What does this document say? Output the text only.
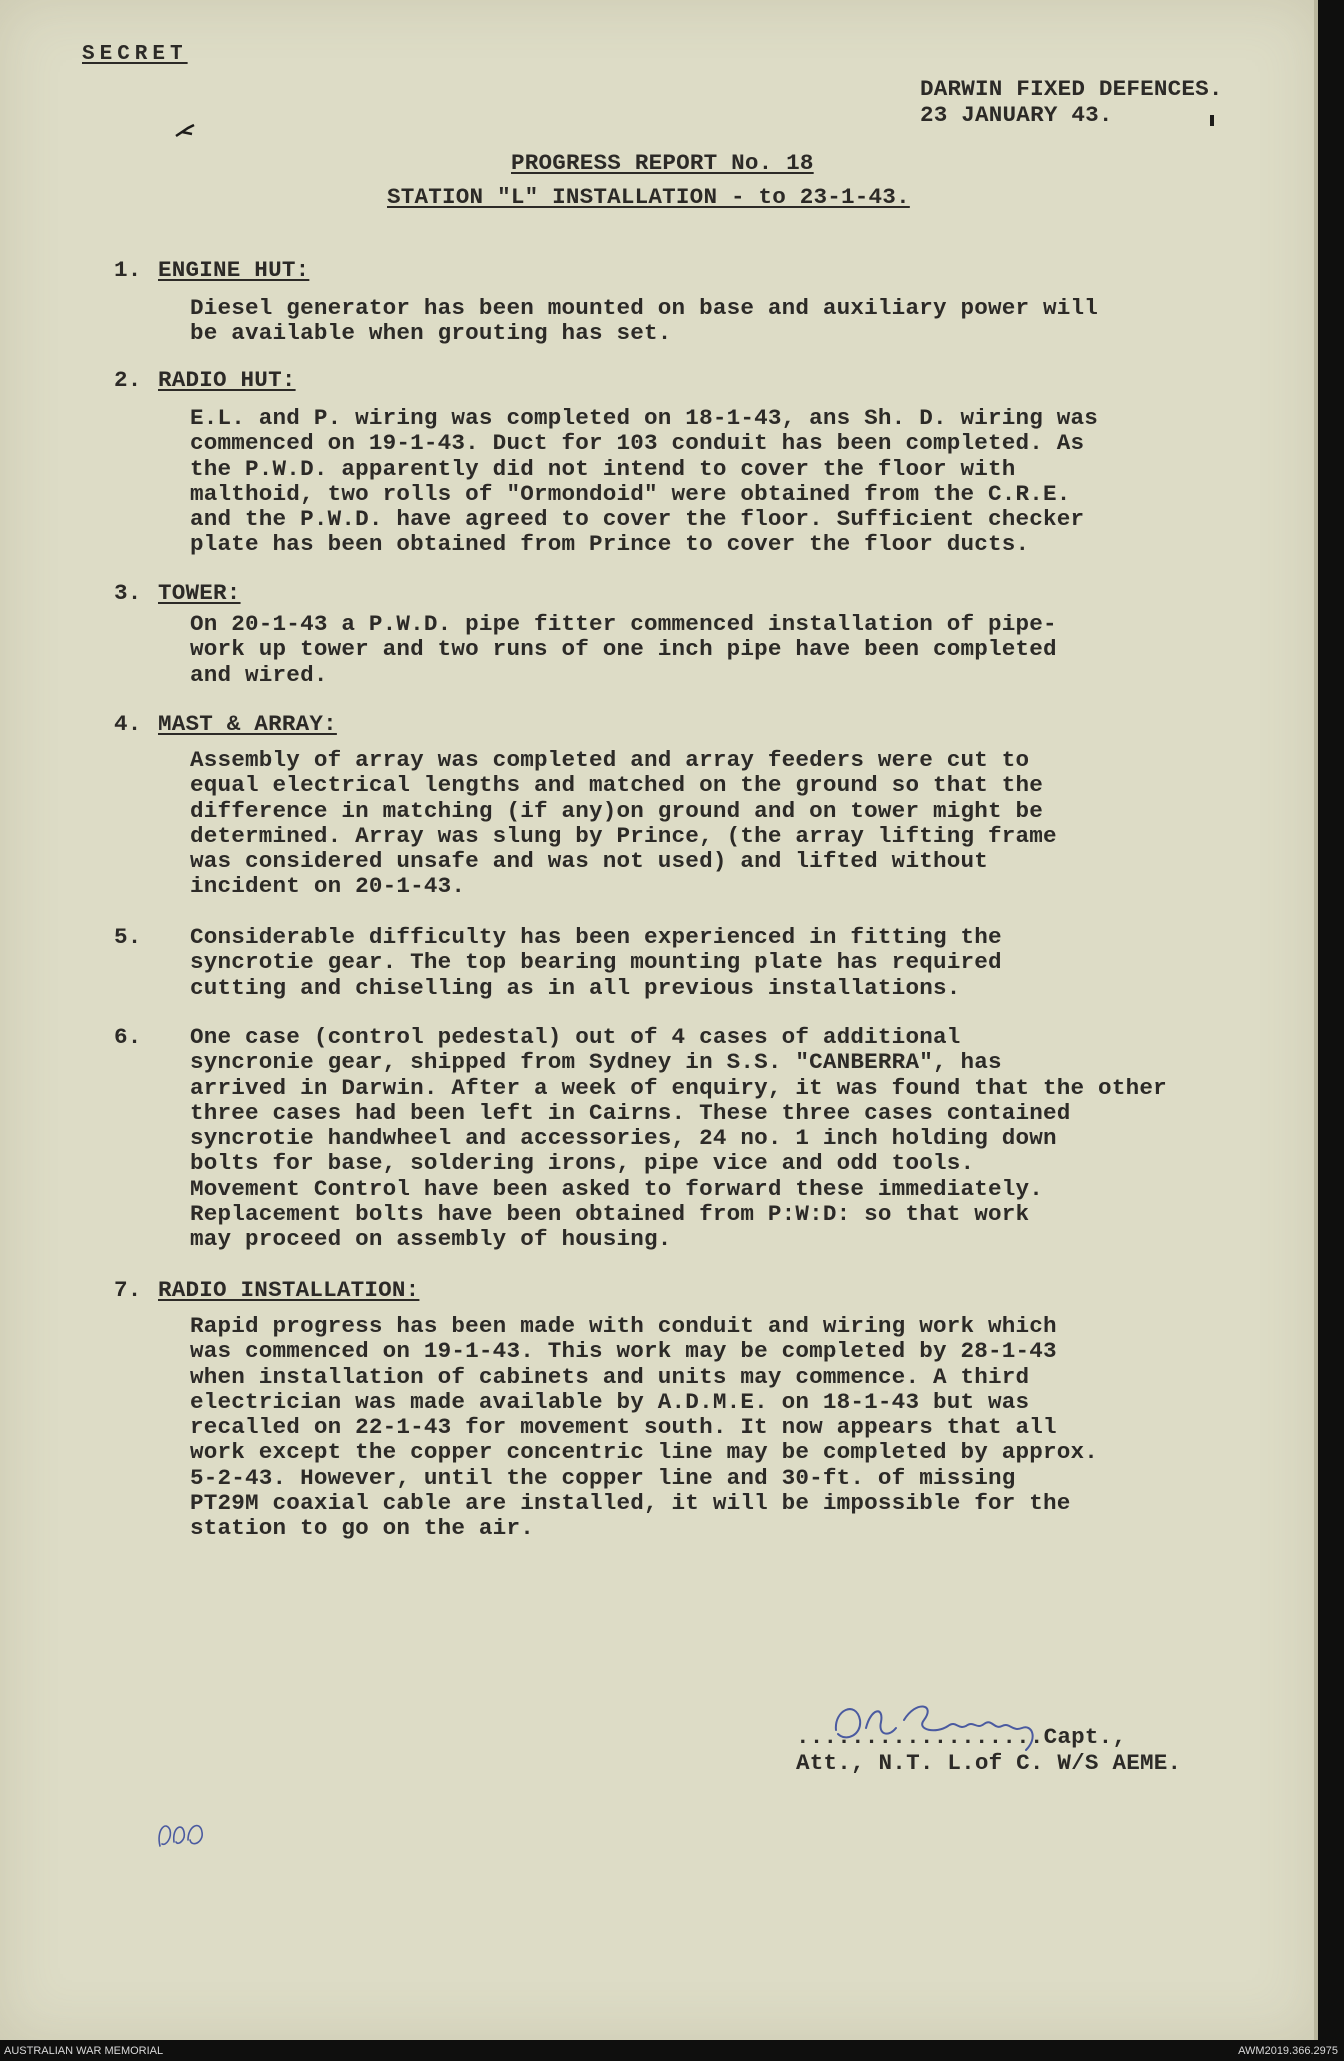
SECRET
DARWIN FIXED DEFENCES.
23 JANUARY 43.
PROGRESS REPORT No. 18
STATION "L" INSTALLATION - to 23-1-43.
1. ENGINE HUT:
Diesel generator has been mounted on base and auxiliary power will
be available when grouting has set.
2. RADIO HUT:
E.L. and P. wiring was completed on 18-1-43, ans Sh. D. wiring was
commenced on 19-1-43. Duct for 103 conduit has been completed. As
the P.W.D. apparently did not intend to cover the floor with
malthoid, two rolls of "Ormondoid" were obtained from the C.R.E.
and the P.W.D. have agreed to cover the floor. Sufficient checker
plate has been obtained from Prince to cover the floor ducts.
3. TOWER:
On 20-1-43 a P.W.D. pipe fitter commenced installation of pipe-
work up tower and two runs of one inch pipe have been completed
and wired.
4. MAST & ARRAY:
Assembly of array was completed and array feeders were cut to
equal electrical lengths and matched on the ground so that the
difference in matching (if any)on ground and on tower might be
determined. Array was slung by Prince, (the array lifting frame
was considered unsafe and was not used) and lifted without
incident on 20-1-43.
5. Considerable difficulty has been experienced in fitting the
syncrotie gear. The top bearing mounting plate has required
cutting and chiselling as in all previous installations.
6. One case (control pedestal) out of 4 cases of additional
syncronie gear, shipped from Sydney in S.S. "CANBERRA", has
arrived in Darwin. After a week of enquiry, it was found that the other
three cases had been left in Cairns. These three cases contained
syncrotie handwheel and accessories, 24 no. 1 inch holding down
bolts for base, soldering irons, pipe vice and odd tools.
Movement Control have been asked to forward these immediately.
Replacement bolts have been obtained from P:W:D: so that work
may proceed on assembly of housing.
7. RADIO INSTALLATION:
Rapid progress has been made with conduit and wiring work which
was commenced on 19-1-43. This work may be completed by 28-1-43
when installation of cabinets and units may commence. A third
electrician was made available by A.D.M.E. on 18-1-43 but was
recalled on 22-1-43 for movement south. It now appears that all
work except the copper concentric line may be completed by approx.
5-2-43. However, until the copper line and 30-ft. of missing
PT29M coaxial cable are installed, it will be impossible for the
station to go on the air.
..................Capt.,
Att., N.T. L.of C. W/S AEME.
AUSTRALIAN WAR MEMORIAL	AWM2019.366.2975
